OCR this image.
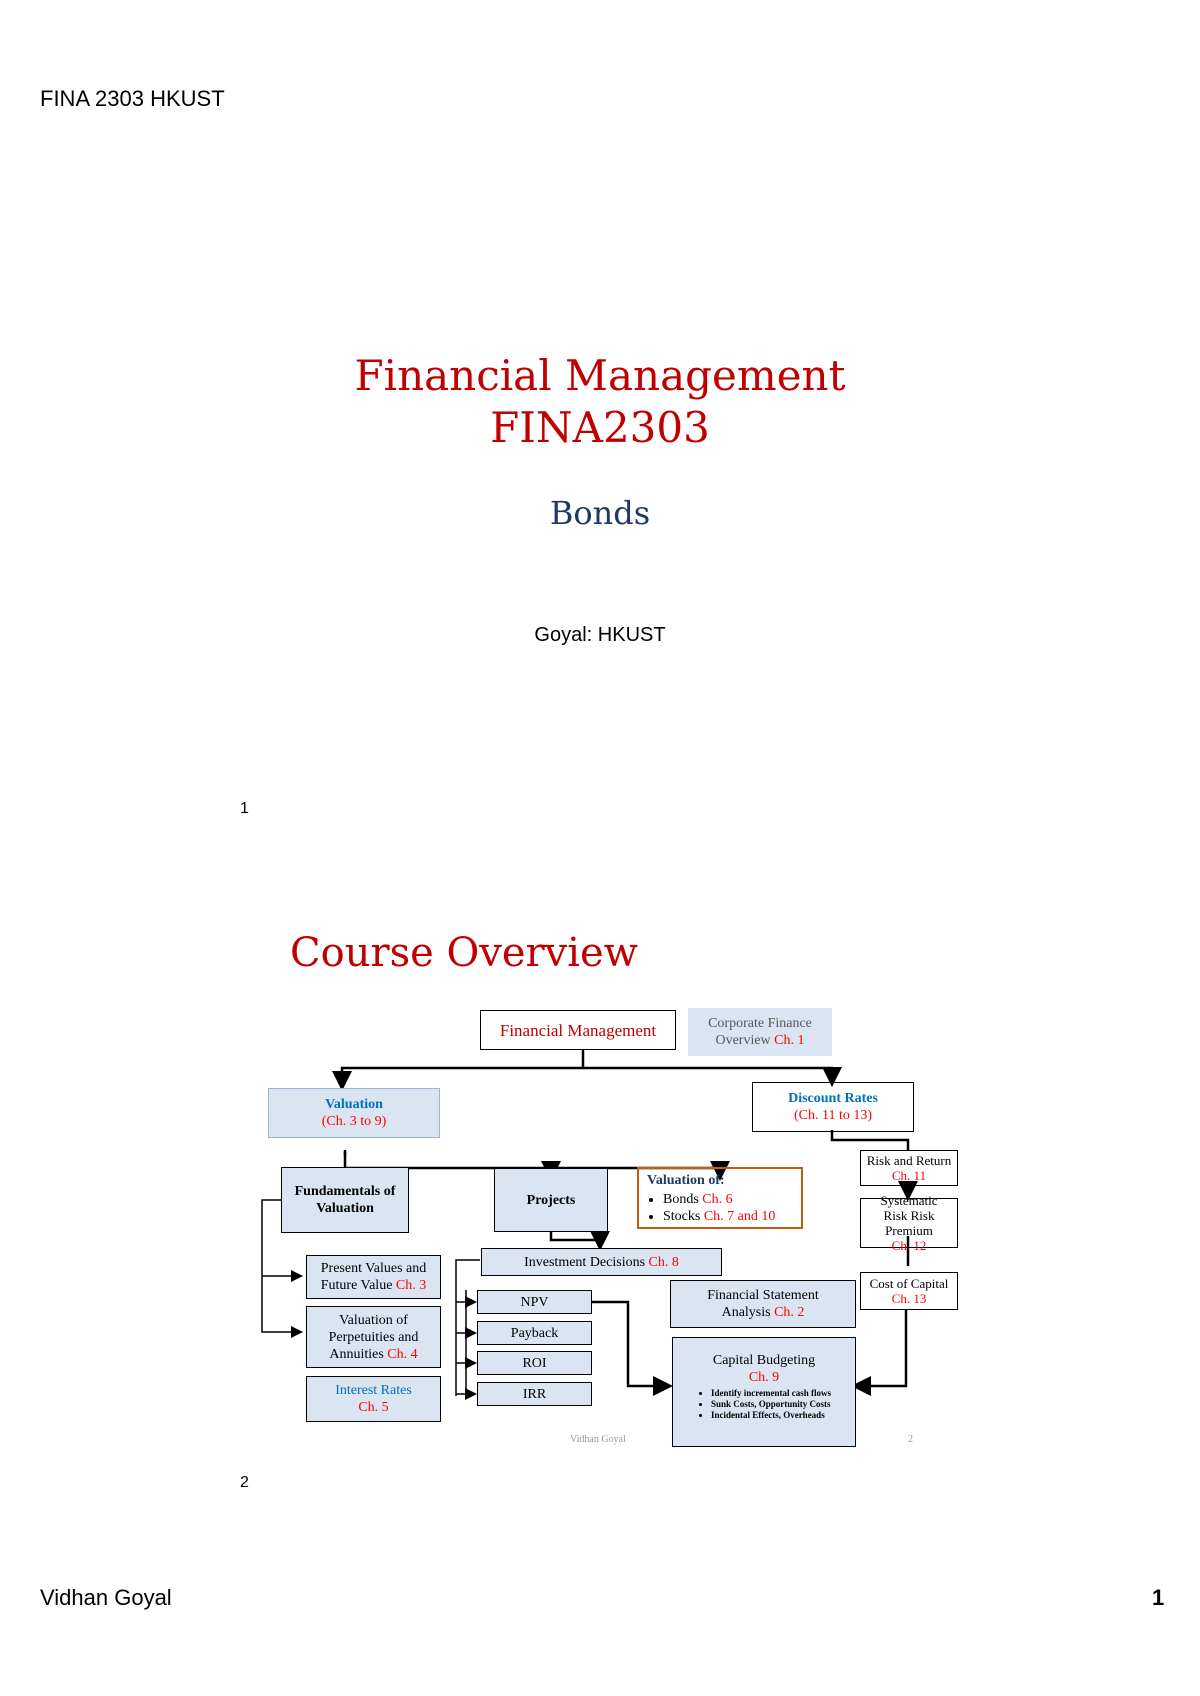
FINA 2303 HKUST
Financial Management
FINA2303
Bonds
Goyal: HKUST
1
Course Overview
Financial Management	Corporate Finance Overview Ch. 1
Valuation
(Ch. 3 to 9)
Discount Rates
(Ch. 11 to 13)
Fundamentals of Valuation
Projects
Valuation of:
• Bonds Ch. 6
• Stocks Ch. 7 and 10
Risk and Return
Ch. 11
Systematic Risk Risk Premium
Ch. 12
Cost of Capital
Ch. 13
Present Values and Future Value Ch. 3
Valuation of Perpetuities and Annuities Ch. 4
Interest Rates
Ch. 5
Investment Decisions Ch. 8
NPV
Payback
ROI
IRR
Financial Statement Analysis Ch. 2
Capital Budgeting
Ch. 9
• Identify incremental cash flows
• Sunk Costs, Opportunity Costs
• Incidental Effects, Overheads
Vidhan Goyal	2
2
Vidhan Goyal	1
